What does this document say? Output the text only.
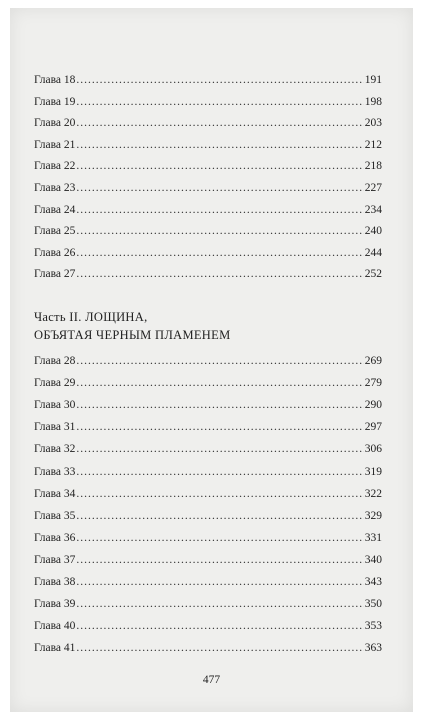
Глава 18 .....	191
Глава 19 .....	198
Глава 20 .....	203
Глава 21 .....	212
Глава 22 .....	218
Глава 23 .....	227
Глава 24 .....	234
Глава 25 .....	240
Глава 26 .....	244
Глава 27 .....	252
Часть II. ЛОЩИНА,
ОБЪЯТАЯ ЧЕРНЫМ ПЛАМЕНЕМ
Глава 28 .....	269
Глава 29 .....	279
Глава 30 .....	290
Глава 31 .....	297
Глава 32 .....	306
Глава 33 .....	319
Глава 34 .....	322
Глава 35 .....	329
Глава 36 .....	331
Глава 37 .....	340
Глава 38 .....	343
Глава 39 .....	350
Глава 40 .....	353
Глава 41 .....	363
477
